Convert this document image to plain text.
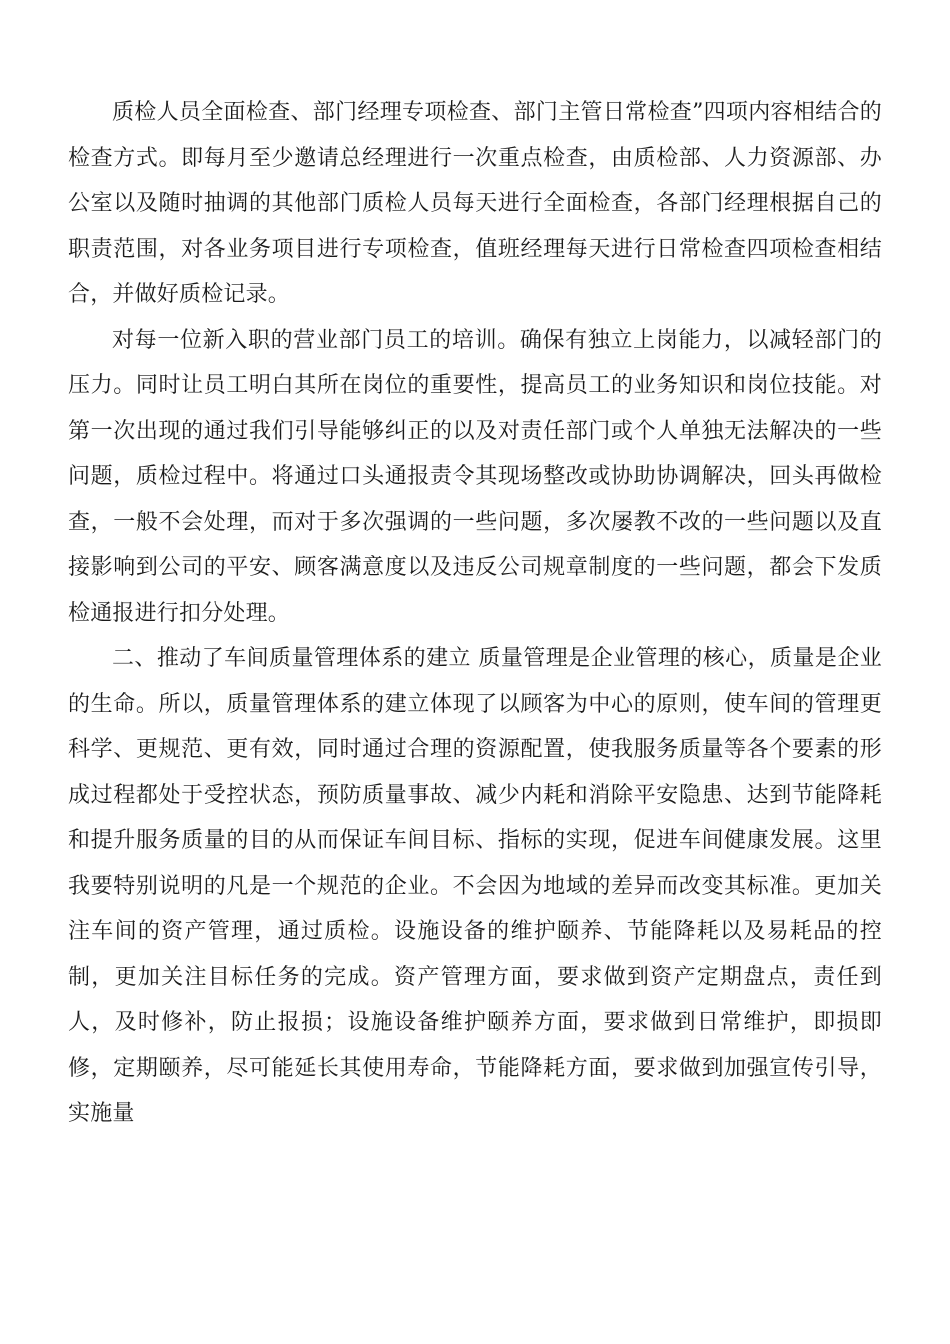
质检人员全面检查、部门经理专项检查、部门主管日常检查”四项内容相结合的检查方式。即每月至少邀请总经理进行一次重点检查，由质检部、人力资源部、办公室以及随时抽调的其他部门质检人员每天进行全面检查，各部门经理根据自己的职责范围，对各业务项目进行专项检查，值班经理每天进行日常检查四项检查相结合，并做好质检记录。

对每一位新入职的营业部门员工的培训。确保有独立上岗能力，以减轻部门的压力。同时让员工明白其所在岗位的重要性，提高员工的业务知识和岗位技能。对第一次出现的通过我们引导能够纠正的以及对责任部门或个人单独无法解决的一些问题，质检过程中。将通过口头通报责令其现场整改或协助协调解决，回头再做检查，一般不会处理，而对于多次强调的一些问题，多次屡教不改的一些问题以及直接影响到公司的平安、顾客满意度以及违反公司规章制度的一些问题，都会下发质检通报进行扣分处理。

二、推动了车间质量管理体系的建立 质量管理是企业管理的核心，质量是企业的生命。所以，质量管理体系的建立体现了以顾客为中心的原则，使车间的管理更科学、更规范、更有效，同时通过合理的资源配置，使我服务质量等各个要素的形成过程都处于受控状态，预防质量事故、减少内耗和消除平安隐患、达到节能降耗和提升服务质量的目的从而保证车间目标、指标的实现，促进车间健康发展。这里我要特别说明的凡是一个规范的企业。不会因为地域的差异而改变其标准。更加关注车间的资产管理，通过质检。设施设备的维护颐养、节能降耗以及易耗品的控制，更加关注目标任务的完成。资产管理方面，要求做到资产定期盘点，责任到人，及时修补，防止报损；设施设备维护颐养方面，要求做到日常维护，即损即修，定期颐养，尽可能延长其使用寿命，节能降耗方面，要求做到加强宣传引导，实施量
